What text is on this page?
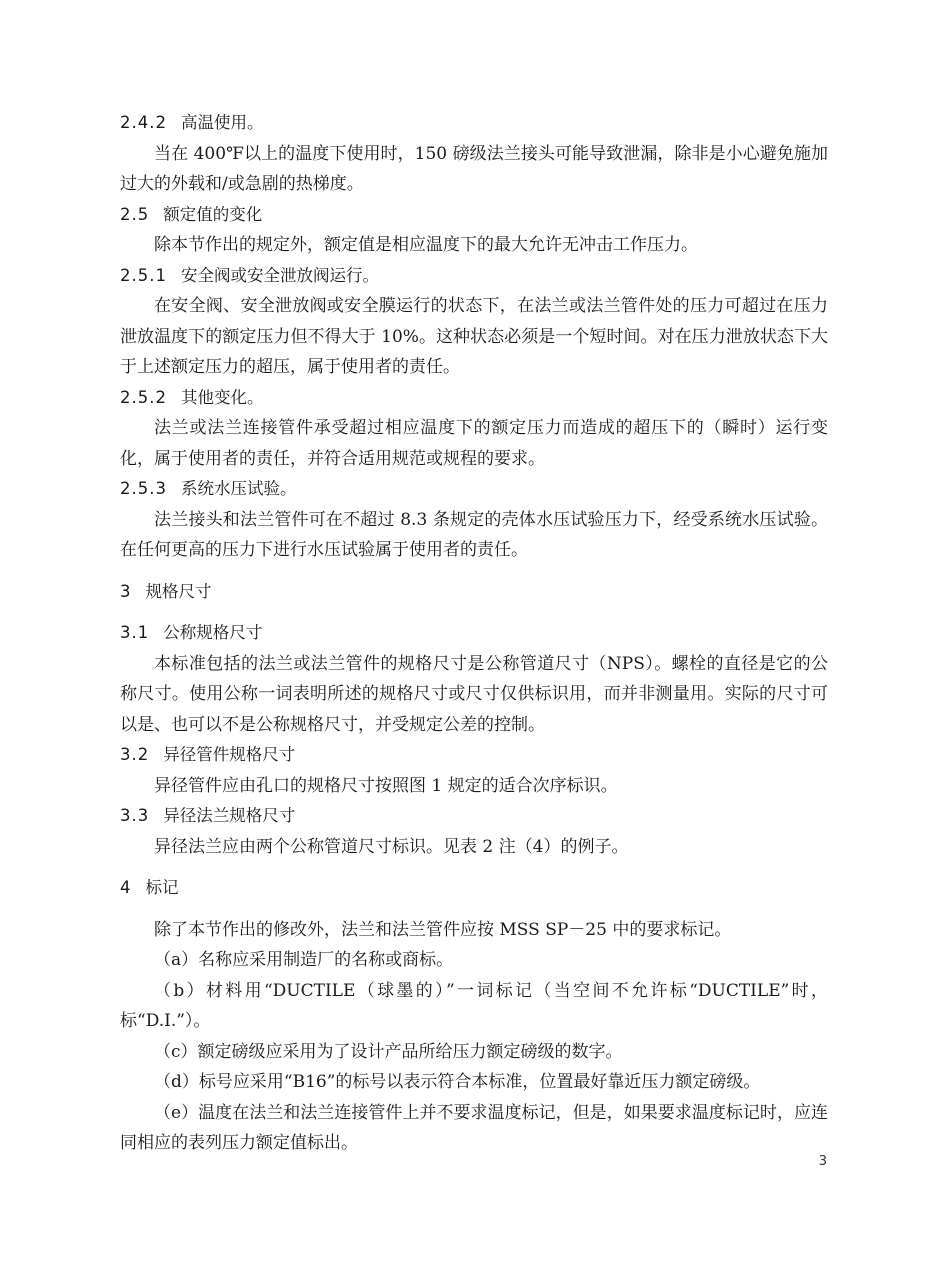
2.4.2 高温使用。

当在 400℉以上的温度下使用时，150 磅级法兰接头可能导致泄漏，除非是小心避免施加过大的外载和/或急剧的热梯度。

2.5 额定值的变化

除本节作出的规定外，额定值是相应温度下的最大允许无冲击工作压力。

2.5.1 安全阀或安全泄放阀运行。

在安全阀、安全泄放阀或安全膜运行的状态下，在法兰或法兰管件处的压力可超过在压力泄放温度下的额定压力但不得大于 10%。这种状态必须是一个短时间。对在压力泄放状态下大于上述额定压力的超压，属于使用者的责任。

2.5.2 其他变化。

法兰或法兰连接管件承受超过相应温度下的额定压力而造成的超压下的（瞬时）运行变化，属于使用者的责任，并符合适用规范或规程的要求。

2.5.3 系统水压试验。

法兰接头和法兰管件可在不超过 8.3 条规定的壳体水压试验压力下，经受系统水压试验。在任何更高的压力下进行水压试验属于使用者的责任。

3 规格尺寸
3.1 公称规格尺寸

本标准包括的法兰或法兰管件的规格尺寸是公称管道尺寸（NPS）。螺栓的直径是它的公称尺寸。使用公称一词表明所述的规格尺寸或尺寸仅供标识用，而并非测量用。实际的尺寸可以是、也可以不是公称规格尺寸，并受规定公差的控制。

3.2 异径管件规格尺寸

异径管件应由孔口的规格尺寸按照图 1 规定的适合次序标识。

3.3 异径法兰规格尺寸

异径法兰应由两个公称管道尺寸标识。见表 2 注（4）的例子。

4 标记

除了本节作出的修改外，法兰和法兰管件应按 MSS SP－25 中的要求标记。

（a）名称应采用制造厂的名称或商标。

（b）材料用“DUCTILE（球墨的）”一词标记（当空间不允许标“DUCTILE”时，标“D.I.”）。

（c）额定磅级应采用为了设计产品所给压力额定磅级的数字。

（d）标号应采用“B16”的标号以表示符合本标准，位置最好靠近压力额定磅级。

（e）温度在法兰和法兰连接管件上并不要求温度标记，但是，如果要求温度标记时，应连同相应的表列压力额定值标出。

3
